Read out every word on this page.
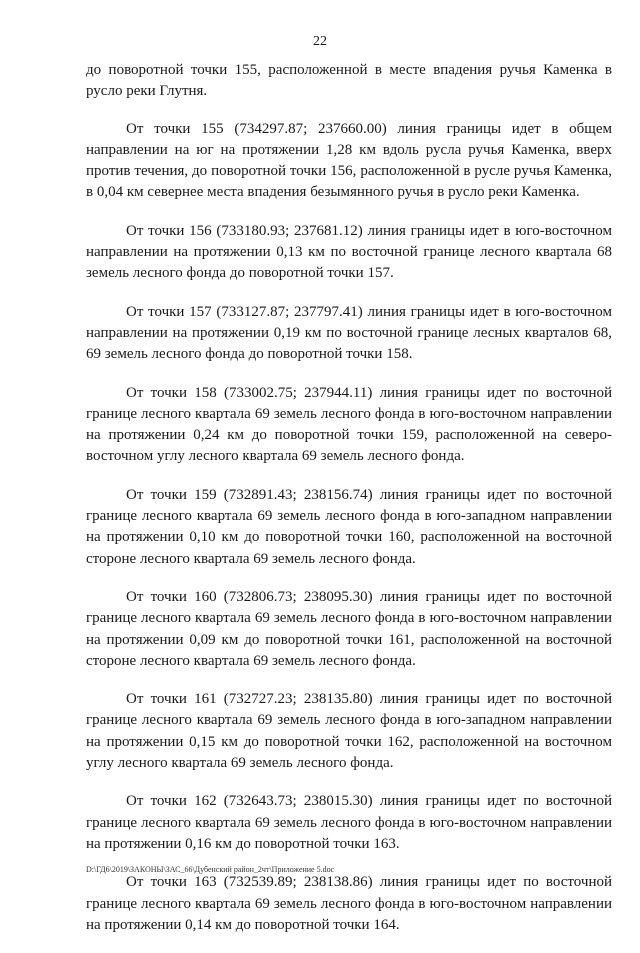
22

до поворотной точки 155, расположенной в месте впадения ручья Каменка в русло реки Глутня.

От точки 155 (734297.87; 237660.00) линия границы идет в общем направлении на юг на протяжении 1,28 км вдоль русла ручья Каменка, вверх против течения, до поворотной точки 156, расположенной в русле ручья Каменка, в 0,04 км севернее места впадения безымянного ручья в русло реки Каменка.

От точки 156 (733180.93; 237681.12) линия границы идет в юго-восточном направлении на протяжении 0,13 км по восточной границе лесного квартала 68 земель лесного фонда до поворотной точки 157.

От точки 157 (733127.87; 237797.41) линия границы идет в юго-восточном направлении на протяжении 0,19 км по восточной границе лесных кварталов 68, 69 земель лесного фонда до поворотной точки 158.

От точки 158 (733002.75; 237944.11) линия границы идет по восточной границе лесного квартала 69 земель лесного фонда в юго-восточном направлении на протяжении 0,24 км до поворотной точки 159, расположенной на северо-восточном углу лесного квартала 69 земель лесного фонда.

От точки 159 (732891.43; 238156.74) линия границы идет по восточной границе лесного квартала 69 земель лесного фонда в юго-западном направлении на протяжении 0,10 км до поворотной точки 160, расположенной на восточной стороне лесного квартала 69 земель лесного фонда.

От точки 160 (732806.73; 238095.30) линия границы идет по восточной границе лесного квартала 69 земель лесного фонда в юго-восточном направлении на протяжении 0,09 км до поворотной точки 161, расположенной на восточной стороне лесного квартала 69 земель лесного фонда.

От точки 161 (732727.23; 238135.80) линия границы идет по восточной границе лесного квартала 69 земель лесного фонда в юго-западном направлении на протяжении 0,15 км до поворотной точки 162, расположенной на восточном углу лесного квартала 69 земель лесного фонда.

От точки 162 (732643.73; 238015.30) линия границы идет по восточной границе лесного квартала 69 земель лесного фонда в юго-восточном направлении на протяжении 0,16 км до поворотной точки 163.

От точки 163 (732539.89; 238138.86) линия границы идет по восточной границе лесного квартала 69 земель лесного фонда в юго-восточном направлении на протяжении 0,14 км до поворотной точки 164.

D:\ГД6\2019\ЗАКОНЫ\ЗАС_66\Дубенский район_2чт\Приложение 5.doc
